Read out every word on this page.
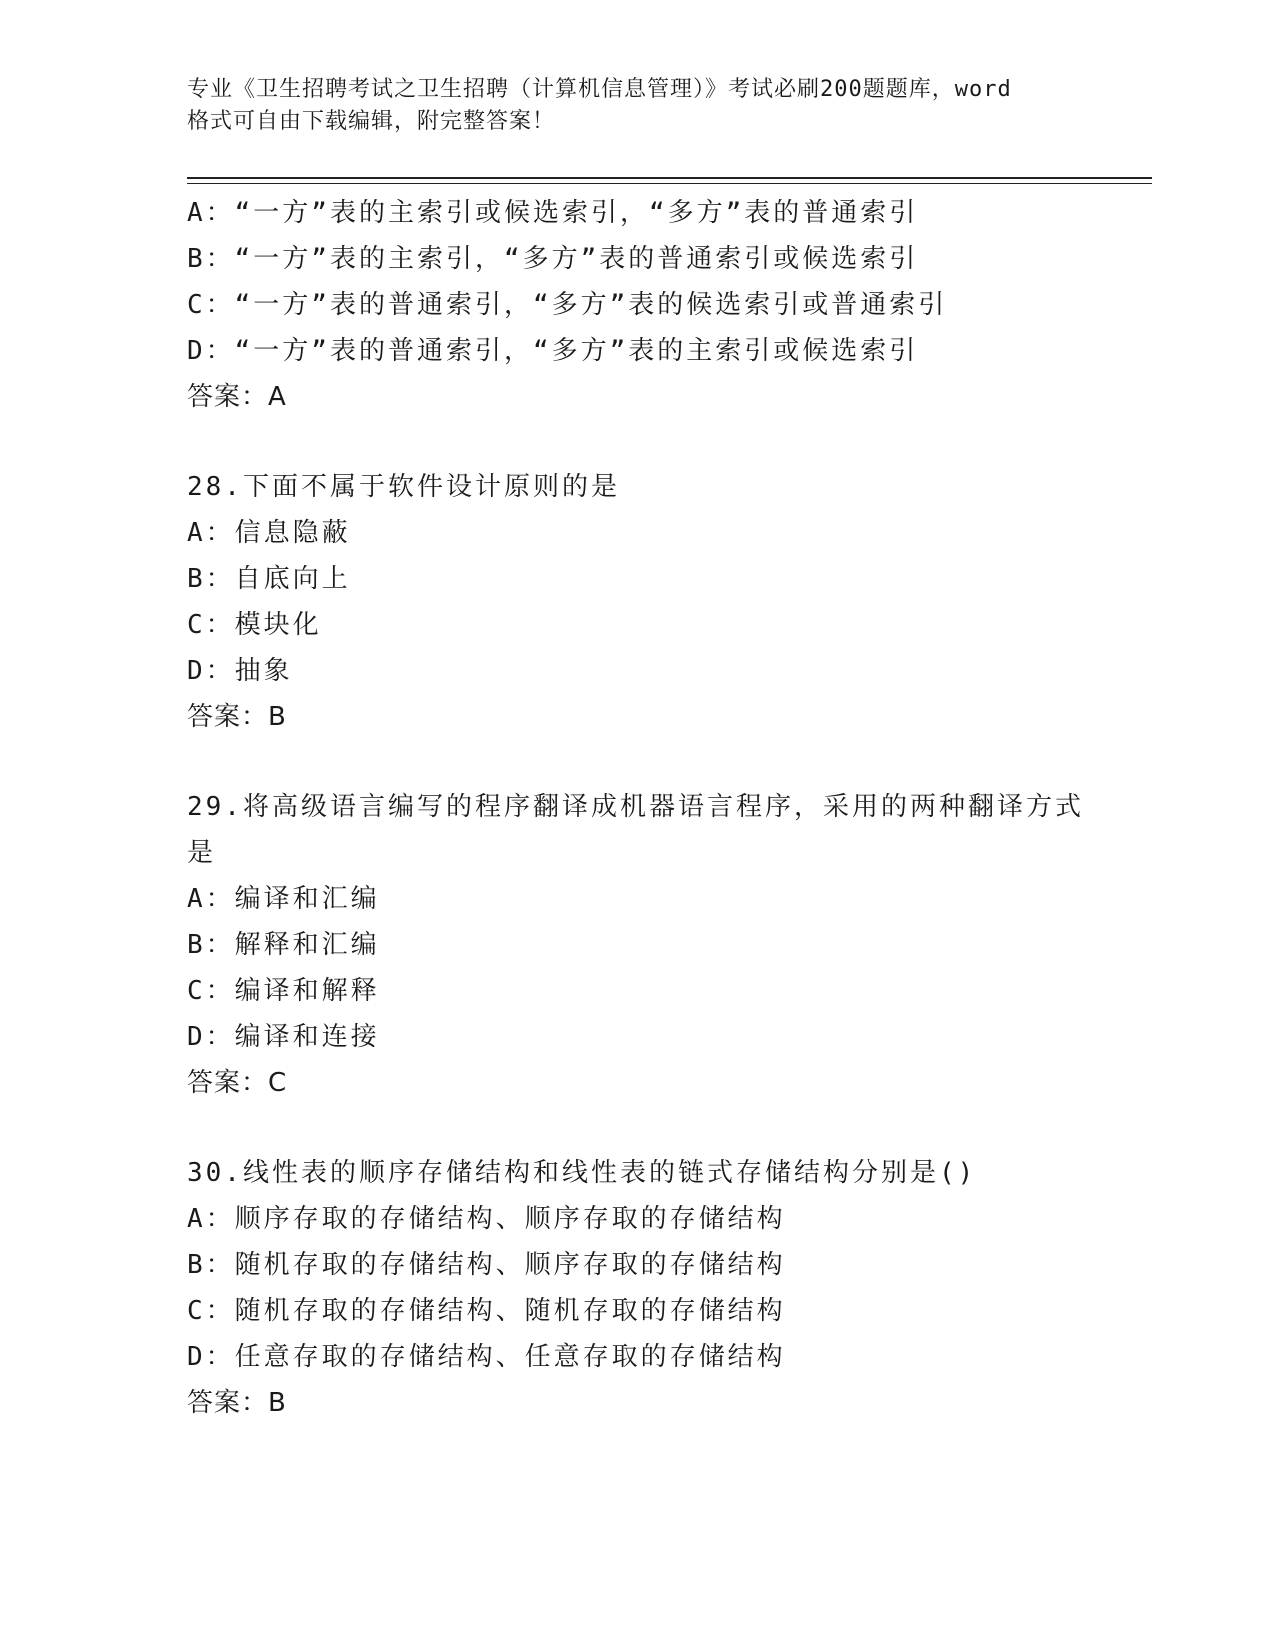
专业《卫生招聘考试之卫生招聘（计算机信息管理）》考试必刷200题题库，word
格式可自由下载编辑，附完整答案！
A：“一方”表的主索引或候选索引，“多方”表的普通索引
B：“一方”表的主索引，“多方”表的普通索引或候选索引
C：“一方”表的普通索引，“多方”表的候选索引或普通索引
D：“一方”表的普通索引，“多方”表的主索引或候选索引
答案：A
28.下面不属于软件设计原则的是
A：信息隐蔽
B：自底向上
C：模块化
D：抽象
答案：B
29.将高级语言编写的程序翻译成机器语言程序，采用的两种翻译方式是
A：编译和汇编
B：解释和汇编
C：编译和解释
D：编译和连接
答案：C
30.线性表的顺序存储结构和线性表的链式存储结构分别是()
A：顺序存取的存储结构、顺序存取的存储结构
B：随机存取的存储结构、顺序存取的存储结构
C：随机存取的存储结构、随机存取的存储结构
D：任意存取的存储结构、任意存取的存储结构
答案：B
